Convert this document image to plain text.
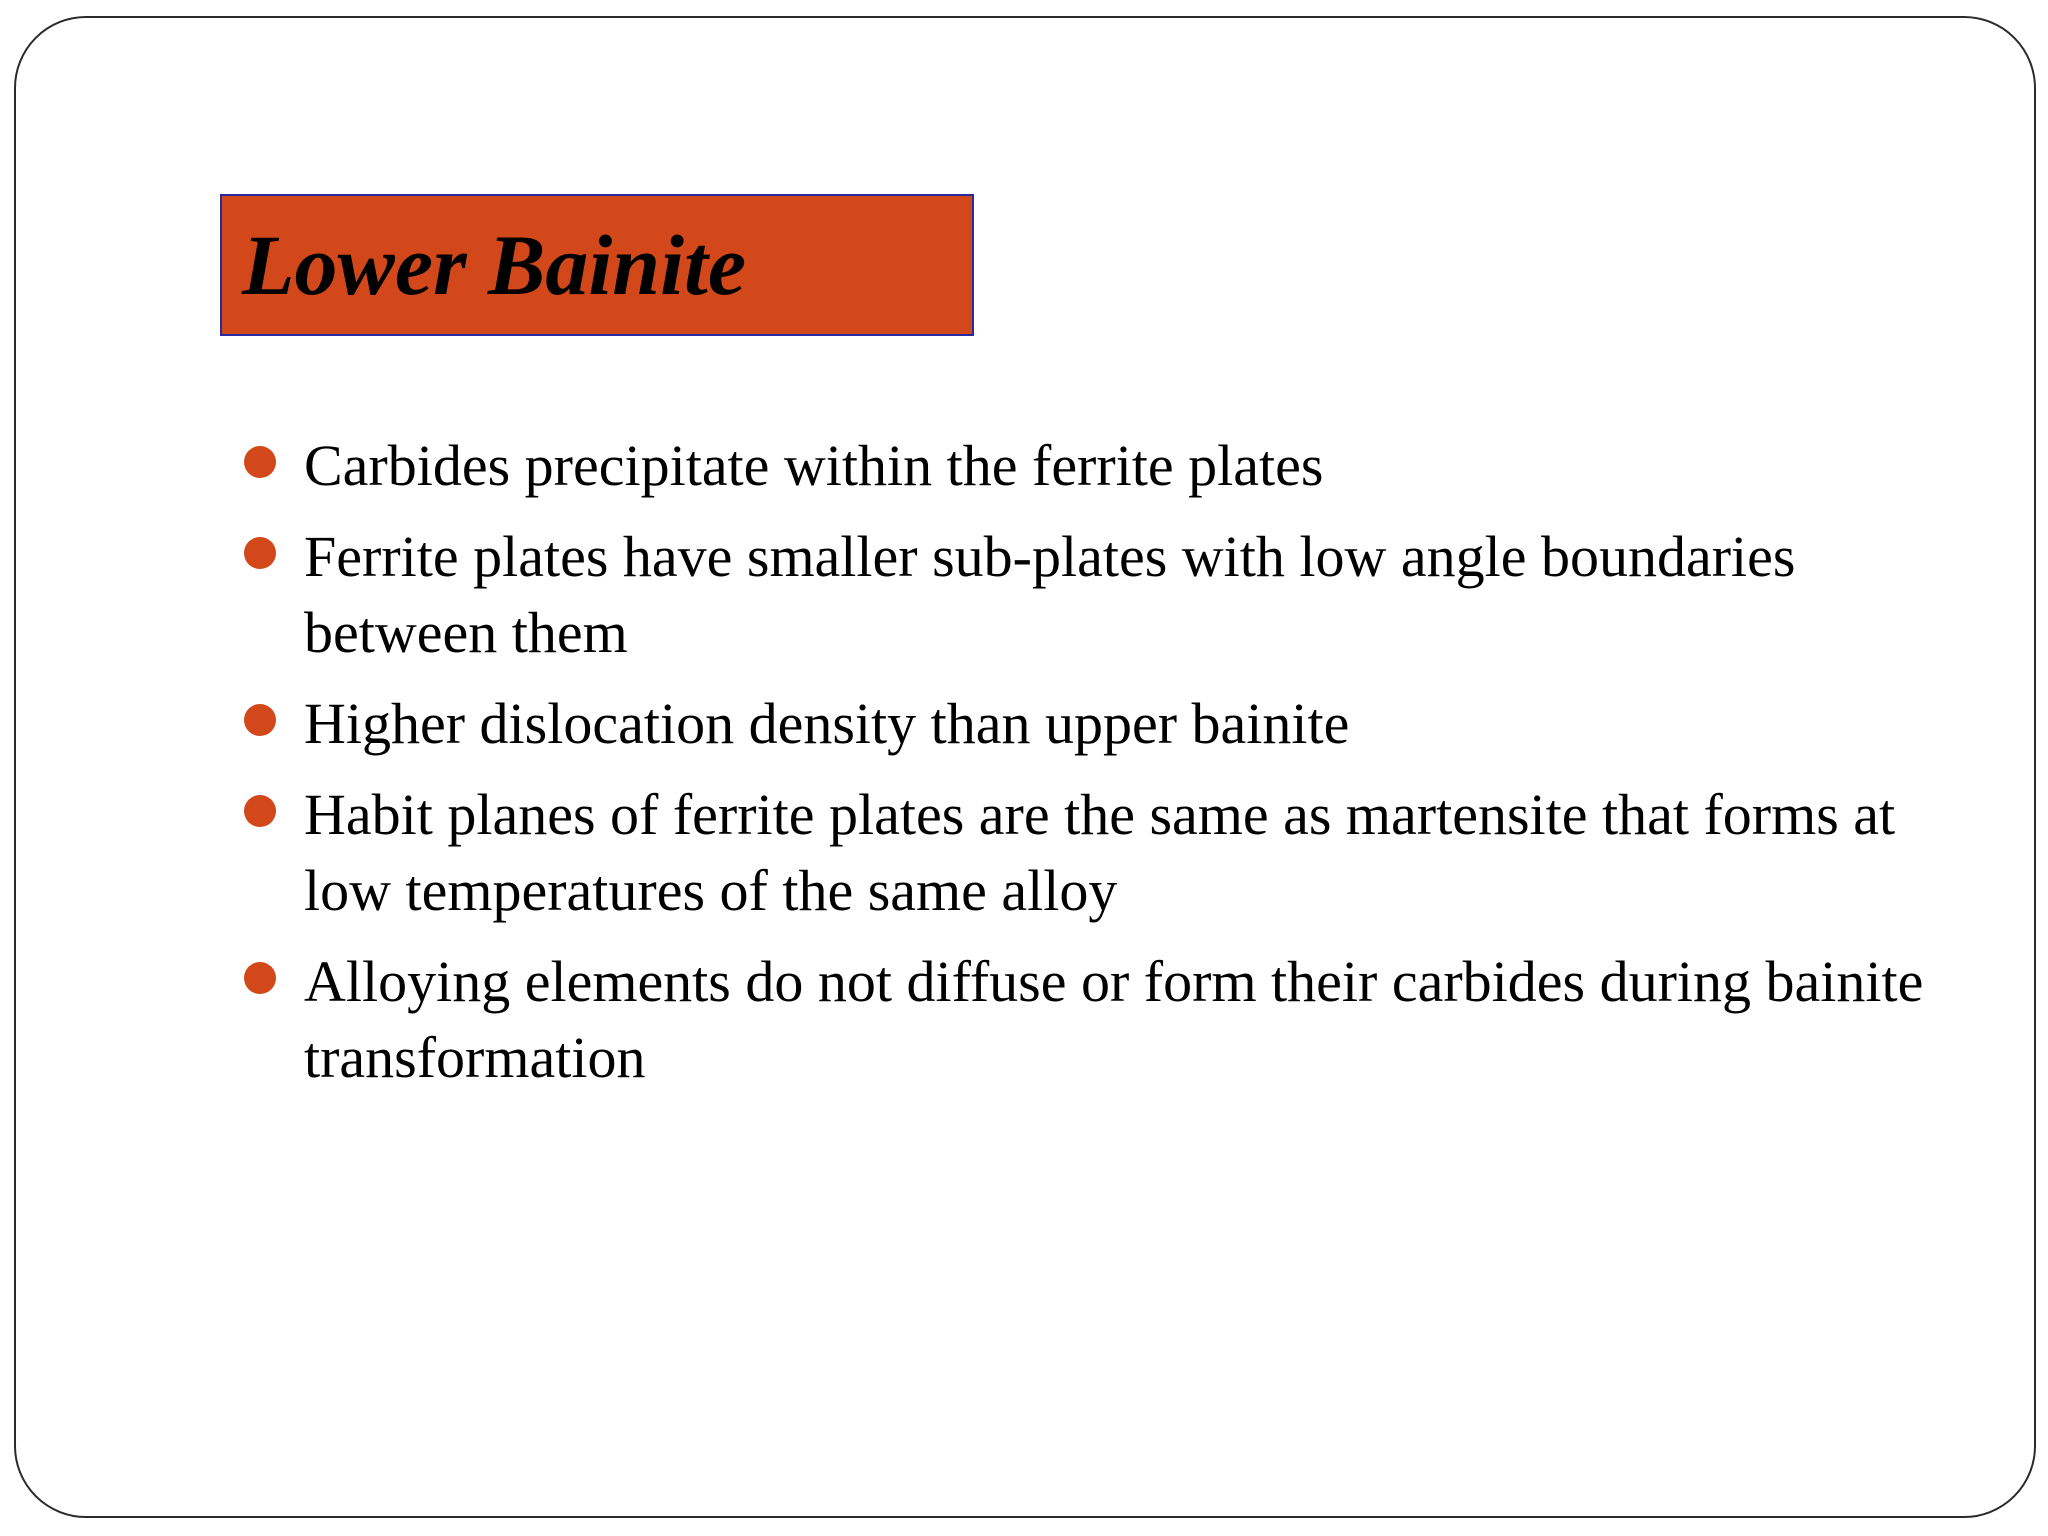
Lower Bainite
Carbides precipitate within the ferrite plates
Ferrite plates have smaller sub-plates with low angle boundaries between them
Higher dislocation density than upper bainite
Habit planes of ferrite plates are the same as martensite that forms at low temperatures of the same alloy
Alloying elements do not diffuse or form their carbides during bainite transformation
